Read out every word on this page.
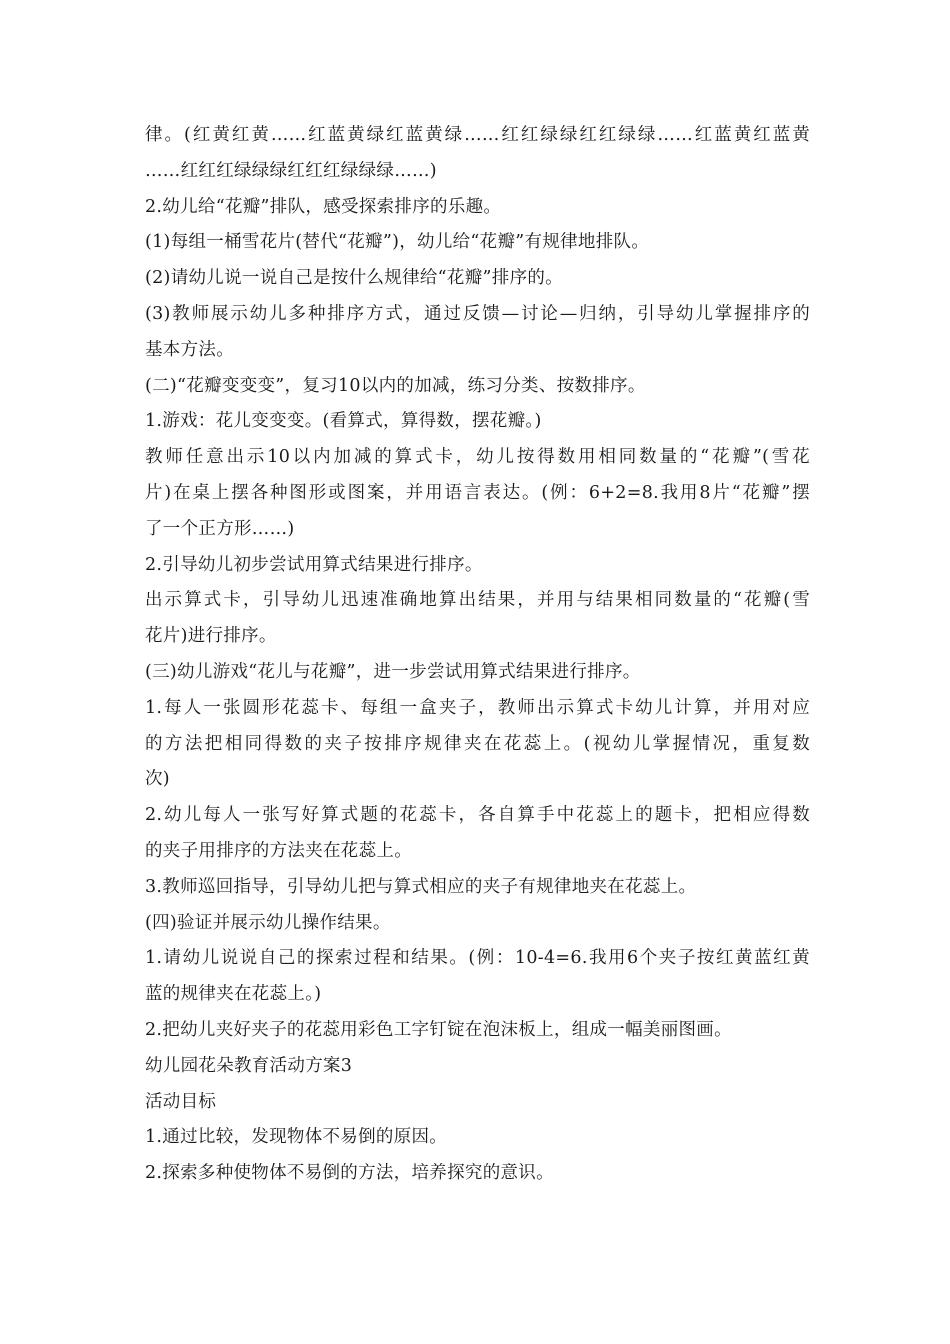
律。(红黄红黄……红蓝黄绿红蓝黄绿……红红绿绿红红绿绿……红蓝黄红蓝黄
……红红红绿绿绿红红红绿绿绿……)
2.幼儿给“花瓣”排队，感受探索排序的乐趣。
(1)每组一桶雪花片(替代“花瓣”)，幼儿给“花瓣”有规律地排队。
(2)请幼儿说一说自己是按什么规律给“花瓣”排序的。
(3)教师展示幼儿多种排序方式，通过反馈—讨论—归纳，引导幼儿掌握排序的
基本方法。
(二)“花瓣变变变”，复习10以内的加减，练习分类、按数排序。
1.游戏：花儿变变变。(看算式，算得数，摆花瓣。)
教师任意出示10以内加减的算式卡，幼儿按得数用相同数量的“花瓣”(雪花
片)在桌上摆各种图形或图案，并用语言表达。(例：6+2=8.我用8片“花瓣”摆
了一个正方形……)
2.引导幼儿初步尝试用算式结果进行排序。
出示算式卡，引导幼儿迅速准确地算出结果，并用与结果相同数量的“花瓣(雪
花片)进行排序。
(三)幼儿游戏“花儿与花瓣”，进一步尝试用算式结果进行排序。
1.每人一张圆形花蕊卡、每组一盒夹子，教师出示算式卡幼儿计算，并用对应
的方法把相同得数的夹子按排序规律夹在花蕊上。(视幼儿掌握情况，重复数
次)
2.幼儿每人一张写好算式题的花蕊卡，各自算手中花蕊上的题卡，把相应得数
的夹子用排序的方法夹在花蕊上。
3.教师巡回指导，引导幼儿把与算式相应的夹子有规律地夹在花蕊上。
(四)验证并展示幼儿操作结果。
1.请幼儿说说自己的探索过程和结果。(例：10-4=6.我用6个夹子按红黄蓝红黄
蓝的规律夹在花蕊上。)
2.把幼儿夹好夹子的花蕊用彩色工字钉锭在泡沫板上，组成一幅美丽图画。
幼儿园花朵教育活动方案3
活动目标
1.通过比较，发现物体不易倒的原因。
2.探索多种使物体不易倒的方法，培养探究的意识。
